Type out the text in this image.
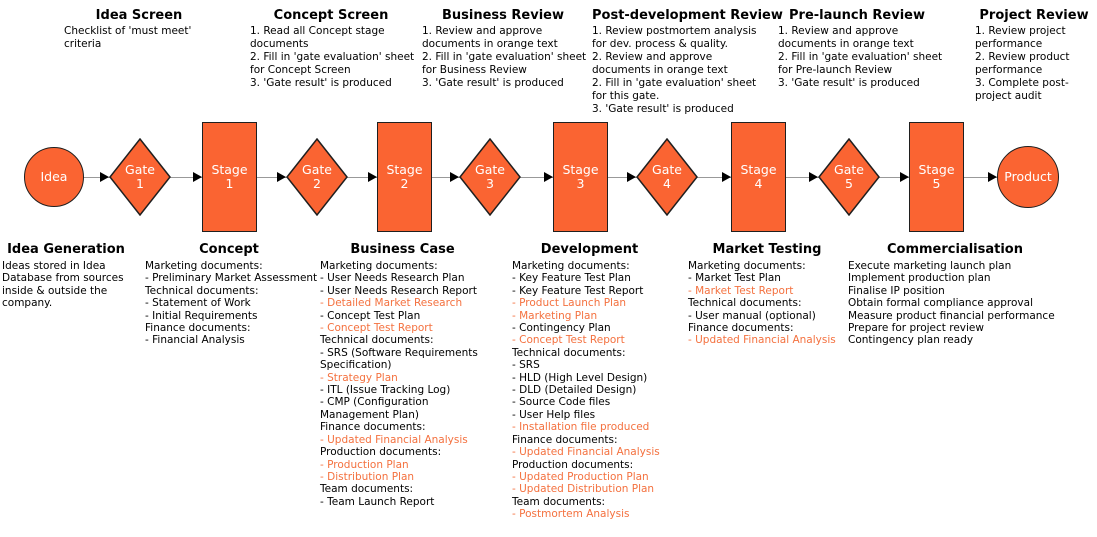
Idea Screen
Checklist of 'must meet'
criteria
Concept Screen
1. Read all Concept stage
documents
2. Fill in 'gate evaluation' sheet
for Concept Screen
3. 'Gate result' is produced
Business Review
1. Review and approve
documents in orange text
2. Fill in 'gate evaluation' sheet
for Business Review
3. 'Gate result' is produced
Post-development Review
1. Review postmortem analysis
for dev. process & quality.
2. Review and approve
documents in orange text
2. Fill in 'gate evaluation' sheet
for this gate.
3. 'Gate result' is produced
Pre-launch Review
1. Review and approve
documents in orange text
2. Fill in 'gate evaluation' sheet
for Pre-launch Review
3. 'Gate result' is produced
Project Review
1. Review project
performance
2. Review product
performance
3. Complete post-
project audit
Idea	Gate
1
Stage
1
Gate
2
Stage
2
Gate
3
Stage
3
Gate
4
Stage
4
Gate
5
Stage
5	Product
Idea Generation
Ideas stored in Idea
Database from sources
inside & outside the
company.
Concept
Marketing documents:
- Preliminary Market Assessment
Technical documents:
- Statement of Work
- Initial Requirements
Finance documents:
- Financial Analysis
Business Case
Marketing documents:
- User Needs Research Plan
- User Needs Research Report
- Detailed Market Research
- Concept Test Plan
- Concept Test Report
Technical documents:
- SRS (Software Requirements
Specification)
- Strategy Plan
- ITL (Issue Tracking Log)
- CMP (Configuration
Management Plan)
Finance documents:
- Updated Financial Analysis
Production documents:
- Production Plan
- Distribution Plan
Team documents:
- Team Launch Report
Development
Marketing documents:
- Key Feature Test Plan
- Key Feature Test Report
- Product Launch Plan
- Marketing Plan
- Contingency Plan
- Concept Test Report
Technical documents:
- SRS
- HLD (High Level Design)
- DLD (Detailed Design)
- Source Code files
- User Help files
- Installation file produced
Finance documents:
- Updated Financial Analysis
Production documents:
- Updated Production Plan
- Updated Distribution Plan
Team documents:
- Postmortem Analysis
Market Testing
Marketing documents:
- Market Test Plan
- Market Test Report
Technical documents:
- User manual (optional)
Finance documents:
- Updated Financial Analysis
Commercialisation
Execute marketing launch plan
Implement production plan
Finalise IP position
Obtain formal compliance approval
Measure product financial performance
Prepare for project review
Contingency plan ready
